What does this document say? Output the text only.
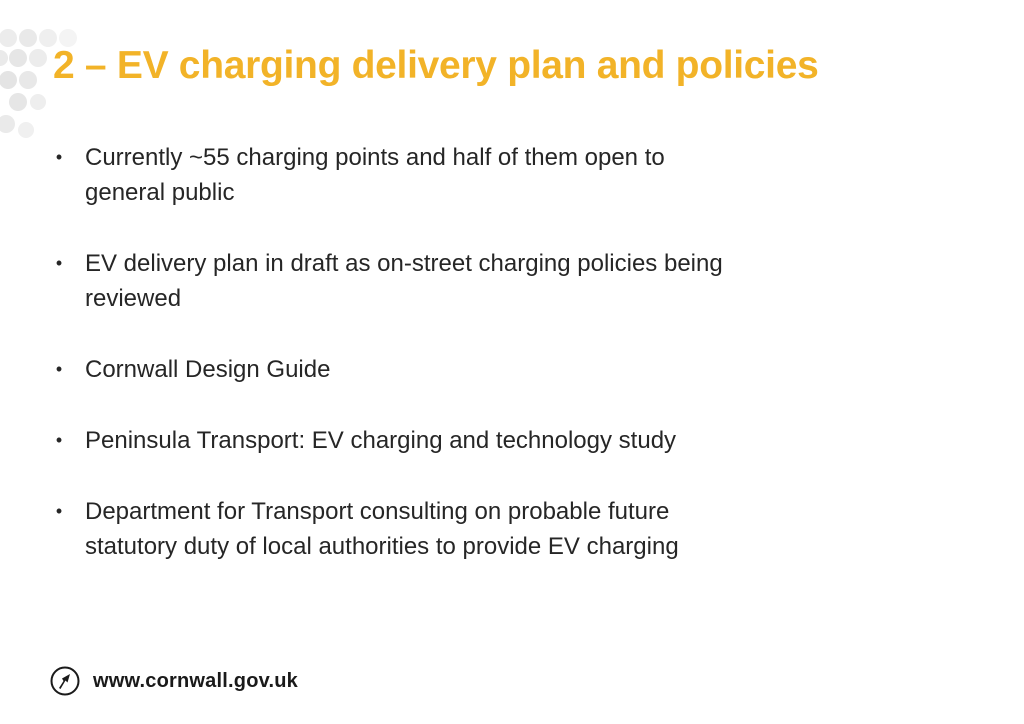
2 – EV charging delivery plan and policies
• Currently ~55 charging points and half of them open to
general public
• EV delivery plan in draft as on-street charging policies being
reviewed
• Cornwall Design Guide
• Peninsula Transport: EV charging and technology study
• Department for Transport consulting on probable future
statutory duty of local authorities to provide EV charging
www.cornwall.gov.uk
